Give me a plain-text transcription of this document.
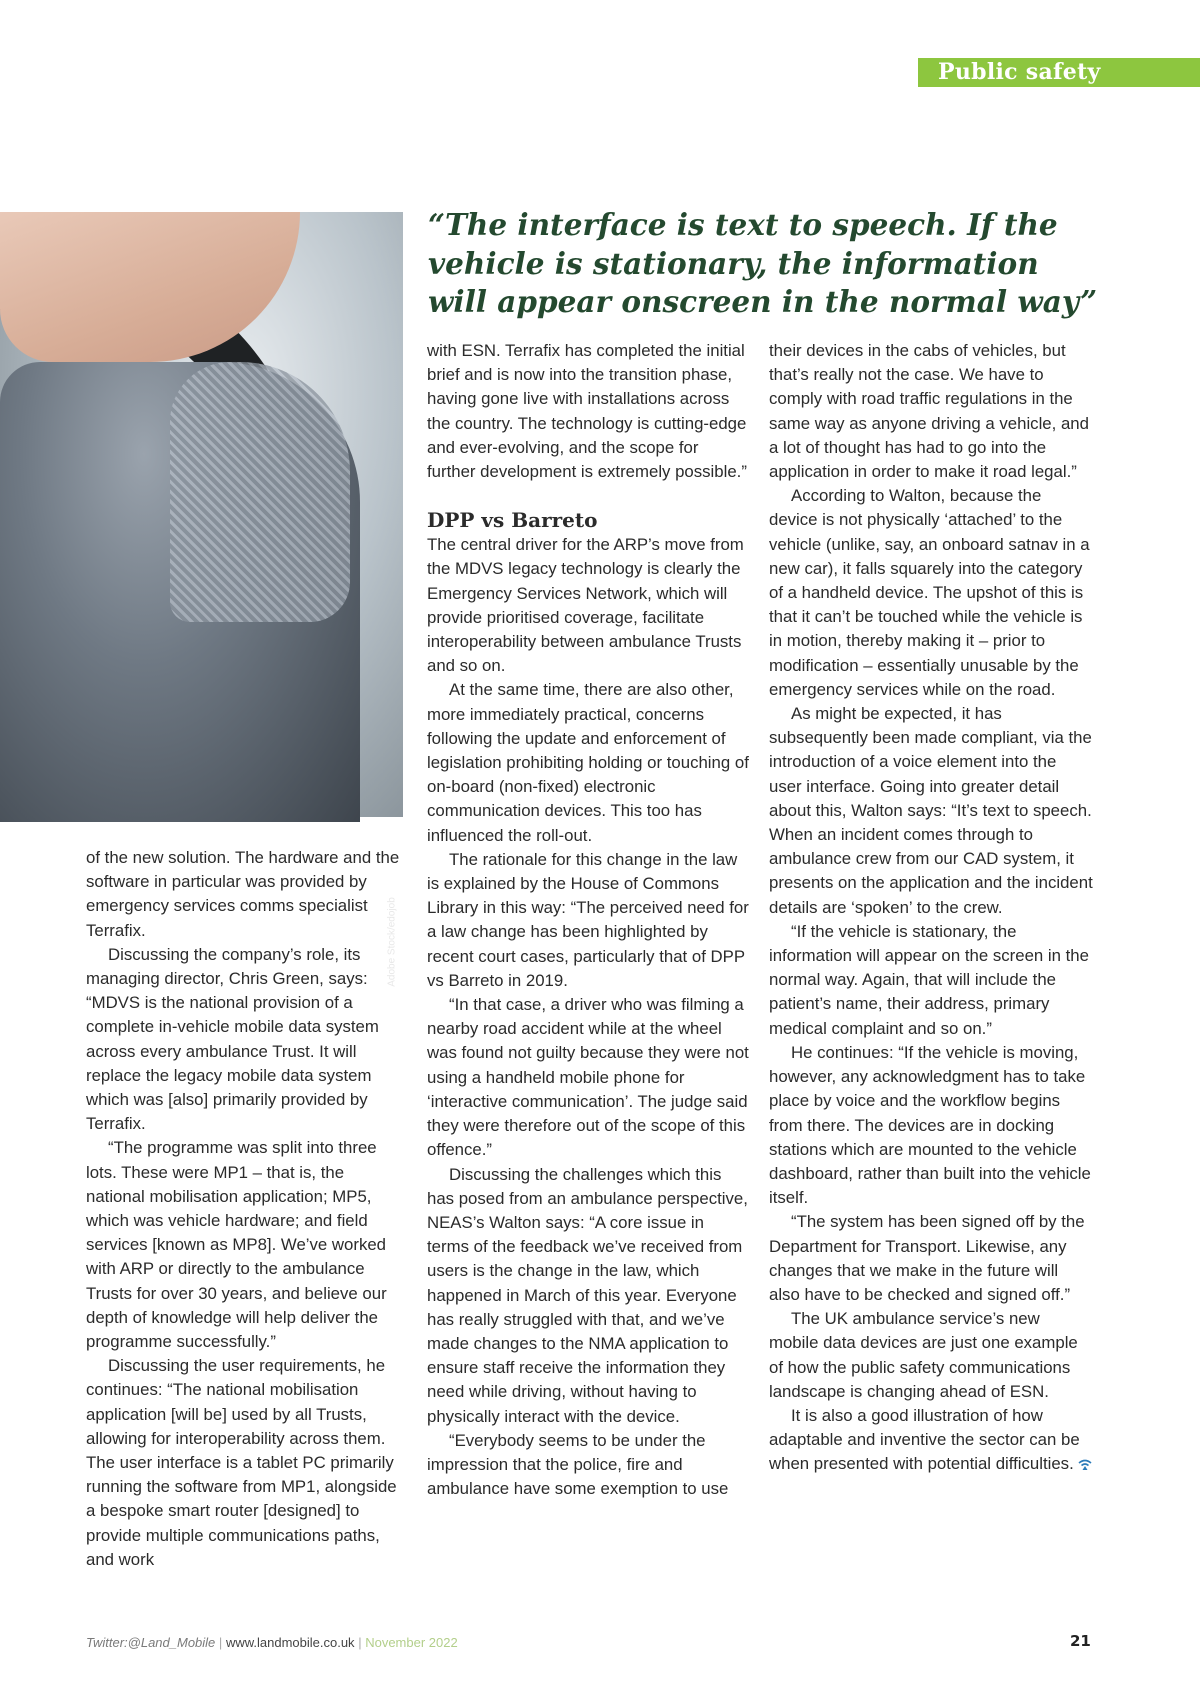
Public safety
Adobe Stock/edojob
“The interface is text to speech. If the vehicle is stationary, the information will appear onscreen in the normal way”

of the new solution. The hardware and the software in particular was provided by emergency services comms specialist Terrafix.

Discussing the company’s role, its managing director, Chris Green, says: “MDVS is the national provision of a complete in-vehicle mobile data system across every ambulance Trust. It will replace the legacy mobile data system which was [also] primarily provided by Terrafix.

“The programme was split into three lots. These were MP1 – that is, the national mobilisation application; MP5, which was vehicle hardware; and field services [known as MP8]. We’ve worked with ARP or directly to the ambulance Trusts for over 30 years, and believe our depth of knowledge will help deliver the programme successfully.”

Discussing the user requirements, he continues: “The national mobilisation application [will be] used by all Trusts, allowing for interoperability across them. The user interface is a tablet PC primarily running the software from MP1, alongside a bespoke smart router [designed] to provide multiple communications paths, and work

with ESN. Terrafix has completed the initial brief and is now into the transition phase, having gone live with installations across the country. The technology is cutting-edge and ever-evolving, and the scope for further development is extremely possible.”

DPP vs Barreto

The central driver for the ARP’s move from the MDVS legacy technology is clearly the Emergency Services Network, which will provide prioritised coverage, facilitate interoperability between ambulance Trusts and so on.

At the same time, there are also other, more immediately practical, concerns following the update and enforcement of legislation prohibiting holding or touching of on-board (non-fixed) electronic communication devices. This too has influenced the roll-out.

The rationale for this change in the law is explained by the House of Commons Library in this way: “The perceived need for a law change has been highlighted by recent court cases, particularly that of DPP vs Barreto in 2019.

“In that case, a driver who was filming a nearby road accident while at the wheel was found not guilty because they were not using a handheld mobile phone for ‘interactive communication’. The judge said they were therefore out of the scope of this offence.”

Discussing the challenges which this has posed from an ambulance perspective, NEAS’s Walton says: “A core issue in terms of the feedback we’ve received from users is the change in the law, which happened in March of this year. Everyone has really struggled with that, and we’ve made changes to the NMA application to ensure staff receive the information they need while driving, without having to physically interact with the device.

“Everybody seems to be under the impression that the police, fire and ambulance have some exemption to use

their devices in the cabs of vehicles, but that’s really not the case. We have to comply with road traffic regulations in the same way as anyone driving a vehicle, and a lot of thought has had to go into the application in order to make it road legal.”

According to Walton, because the device is not physically ‘attached’ to the vehicle (unlike, say, an onboard satnav in a new car), it falls squarely into the category of a handheld device. The upshot of this is that it can’t be touched while the vehicle is in motion, thereby making it – prior to modification – essentially unusable by the emergency services while on the road.

As might be expected, it has subsequently been made compliant, via the introduction of a voice element into the user interface. Going into greater detail about this, Walton says: “It’s text to speech. When an incident comes through to ambulance crew from our CAD system, it presents on the application and the incident details are ‘spoken’ to the crew.

“If the vehicle is stationary, the information will appear on the screen in the normal way. Again, that will include the patient’s name, their address, primary medical complaint and so on.”

He continues: “If the vehicle is moving, however, any acknowledgment has to take place by voice and the workflow begins from there. The devices are in docking stations which are mounted to the vehicle dashboard, rather than built into the vehicle itself.

“The system has been signed off by the Department for Transport. Likewise, any changes that we make in the future will also have to be checked and signed off.”

The UK ambulance service’s new mobile data devices are just one example of how the public safety communications landscape is changing ahead of ESN.

It is also a good illustration of how adaptable and inventive the sector can be when presented with potential difficulties.

Twitter:@Land_Mobile | www.landmobile.co.uk | November 2022	21
